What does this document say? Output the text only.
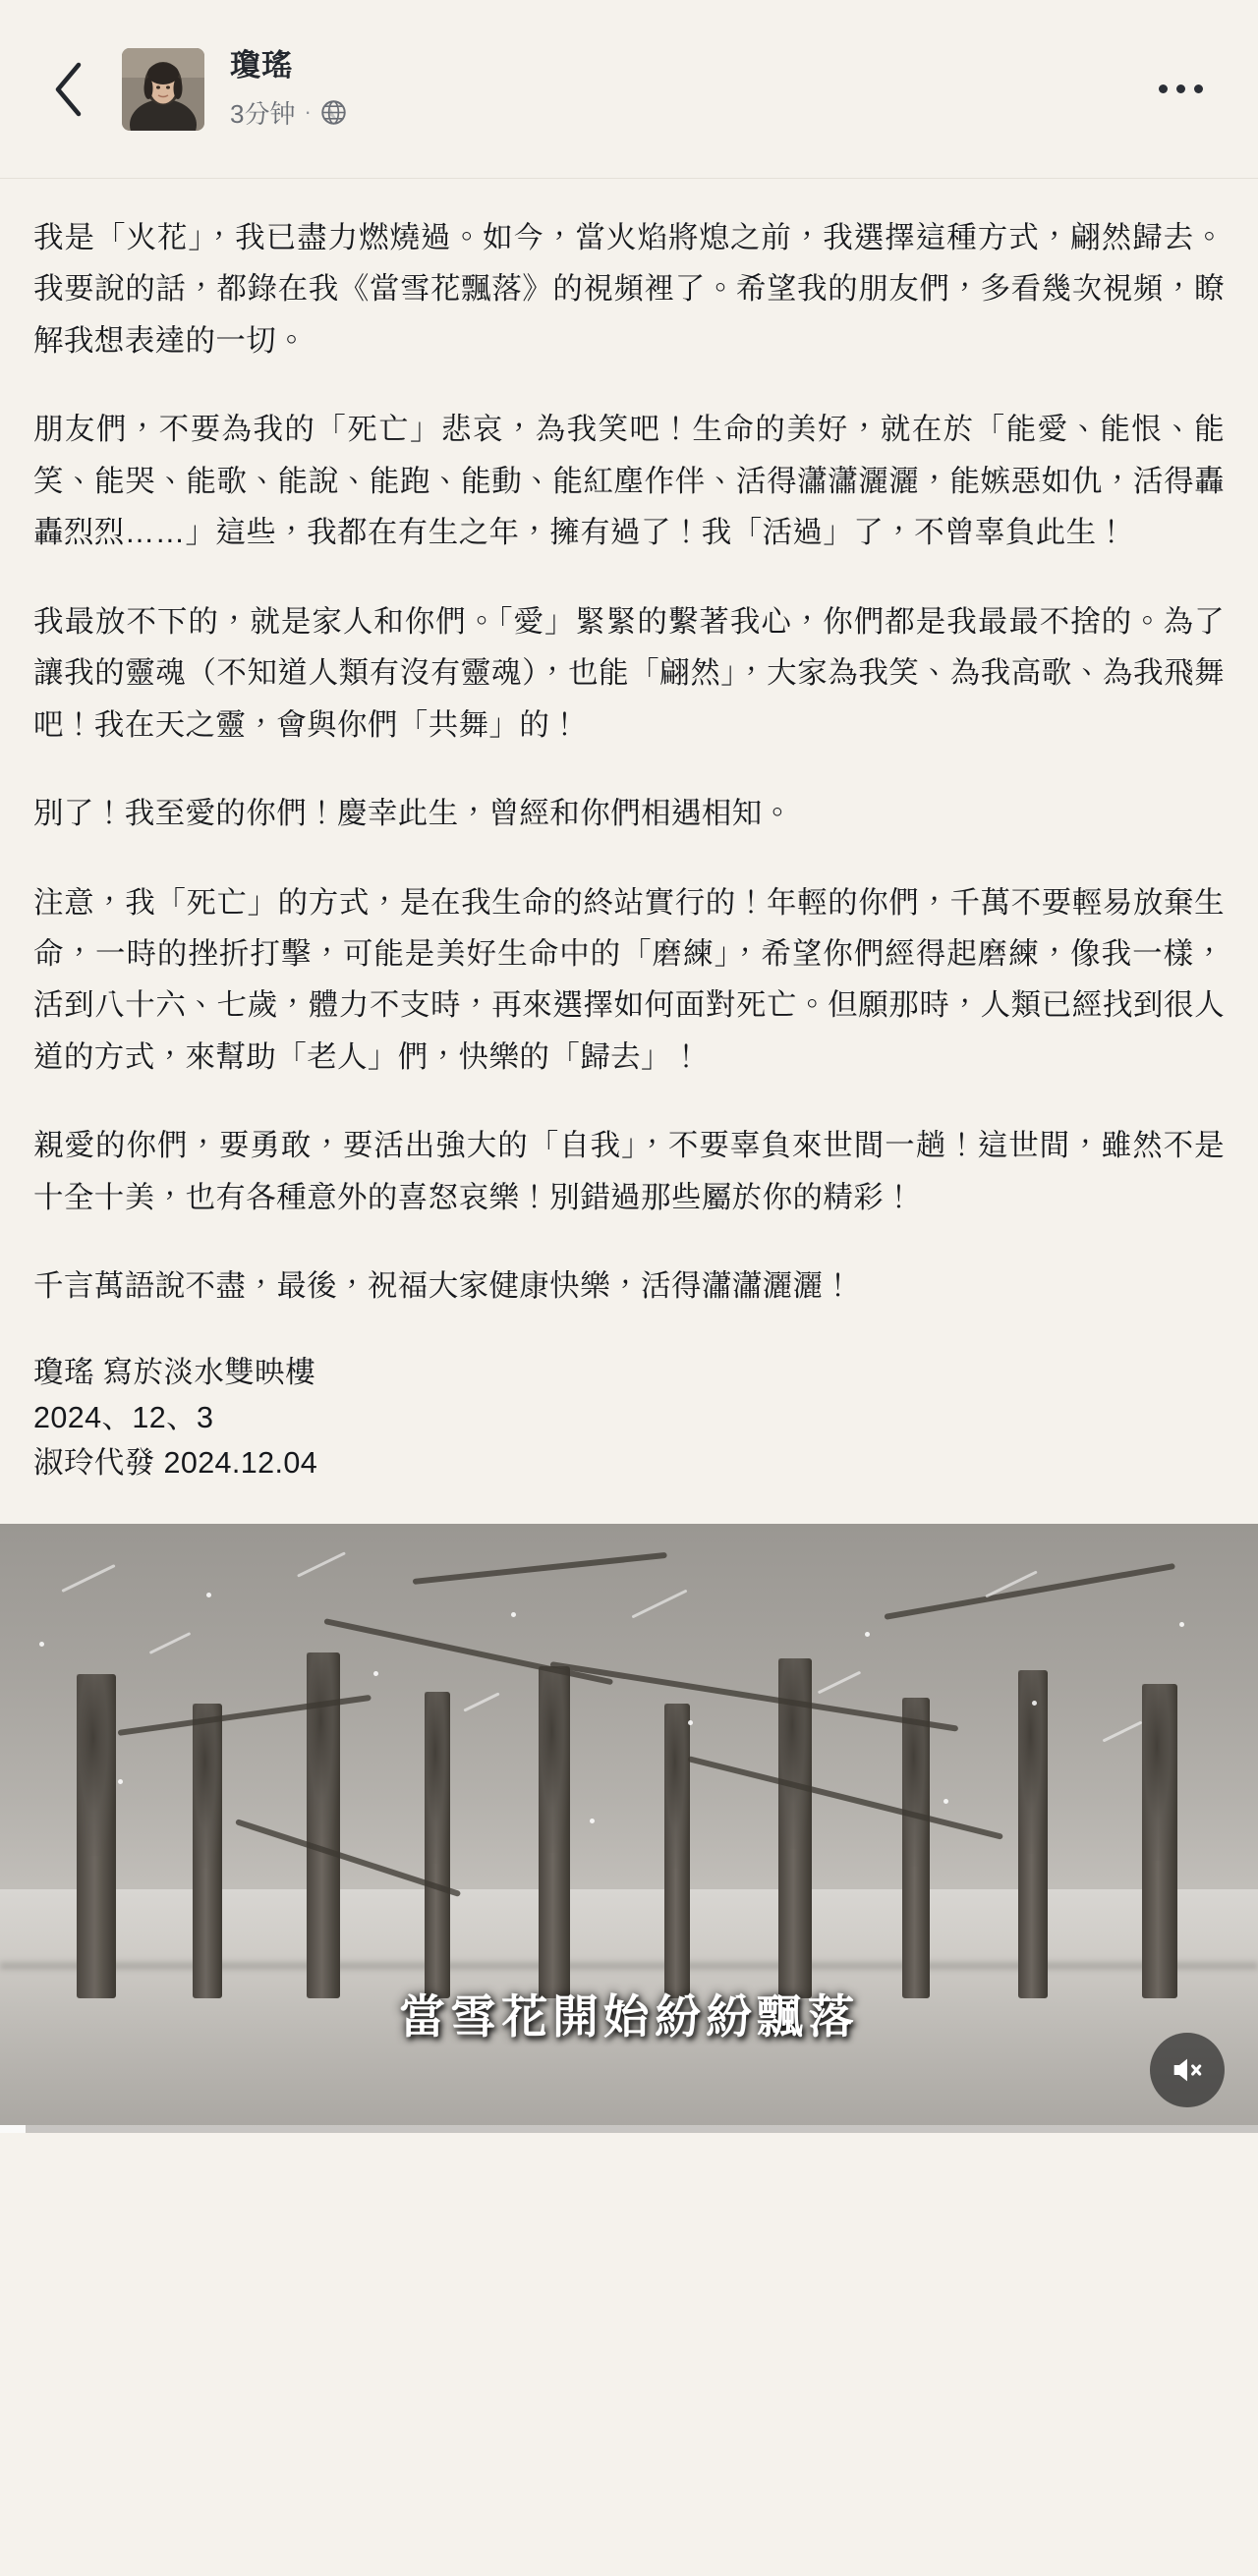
瓊瑤
3分钟 ·

我是「火花」，我已盡力燃燒過。如今，當火焰將熄之前，我選擇這種方式，翩然歸去。我要說的話，都錄在我《當雪花飄落》的視頻裡了。希望我的朋友們，多看幾次視頻，瞭解我想表達的一切。

朋友們，不要為我的「死亡」悲哀，為我笑吧！生命的美好，就在於「能愛、能恨、能笑、能哭、能歌、能說、能跑、能動、能紅塵作伴、活得瀟瀟灑灑，能嫉惡如仇，活得轟轟烈烈……」這些，我都在有生之年，擁有過了！我「活過」了，不曾辜負此生！

我最放不下的，就是家人和你們。「愛」緊緊的繫著我心，你們都是我最最不捨的。為了讓我的靈魂（不知道人類有沒有靈魂），也能「翩然」，大家為我笑、為我高歌、為我飛舞吧！我在天之靈，會與你們「共舞」的！

別了！我至愛的你們！慶幸此生，曾經和你們相遇相知。

注意，我「死亡」的方式，是在我生命的終站實行的！年輕的你們，千萬不要輕易放棄生命，一時的挫折打擊，可能是美好生命中的「磨練」，希望你們經得起磨練，像我一樣，活到八十六、七歲，體力不支時，再來選擇如何面對死亡。但願那時，人類已經找到很人道的方式，來幫助「老人」們，快樂的「歸去」！

親愛的你們，要勇敢，要活出強大的「自我」，不要辜負來世間一趟！這世間，雖然不是十全十美，也有各種意外的喜怒哀樂！別錯過那些屬於你的精彩！

千言萬語說不盡，最後，祝福大家健康快樂，活得瀟瀟灑灑！

瓊瑤 寫於淡水雙映樓
2024、12、3
淑玲代發 2024.12.04
當雪花開始紛紛飄落
